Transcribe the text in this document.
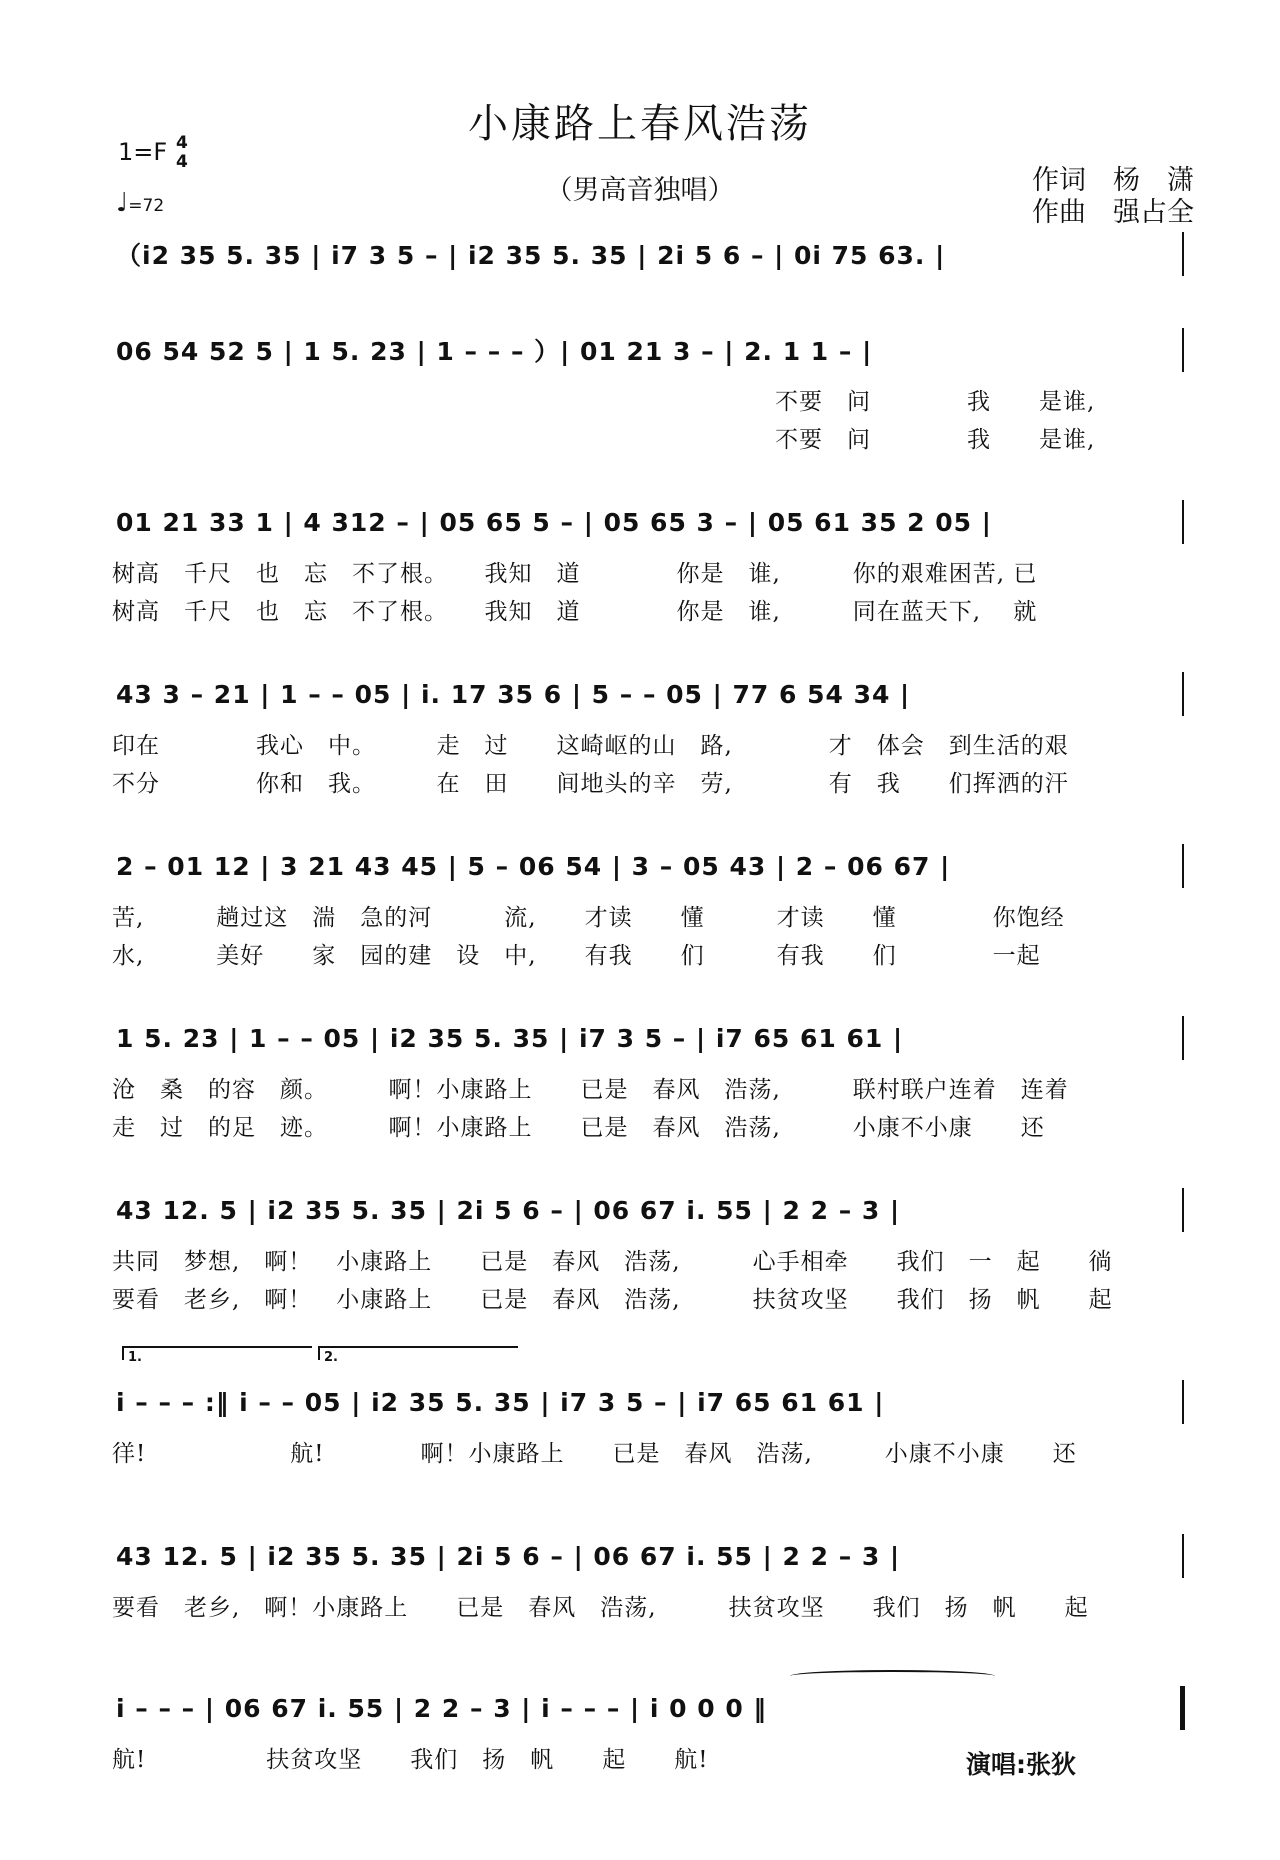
小康路上春风浩荡
（男高音独唱）
1=F 4
4
♩=72
作词　杨　潇
作曲　强占全
（i2 35 5. 35 | i7 3 5 – | i2 35 5. 35 | 2i 5 6 – | 0i 75 63. |
06 54 52 5 | 1 5. 23 | 1 – – – ）| 01 21 3 – | 2. 1 1 – |
不要　问　　　　我　　是谁,
不要　问　　　　我　　是谁,
01 21 33 1 | 4 312 – | 05 65 5 – | 05 65 3 – | 05 61 35 2 05 |
树高　千尺　也　忘　不了根。　　我知　道　　　　你是　谁,　　　你的艰难困苦, 已
树高　千尺　也　忘　不了根。　　我知　道　　　　你是　谁,　　　同在蓝天下,　 就
43 3 – 21 | 1 – – 05 | i. 17 35 6 | 5 – – 05 | 77 6 54 34 |
印在　　　　我心　中。　　　走　过　　这崎岖的山　路,　　　　才　体会　到生活的艰
不分　　　　你和　我。　　　在　田　　间地头的辛　劳,　　　　有　我　　们挥洒的汗
2 – 01 12 | 3 21 43 45 | 5 – 06 54 | 3 – 05 43 | 2 – 06 67 |
苦,　　　趟过这　湍　急的河　　　流,　　才读　　懂　　　才读　　懂　　　　你饱经
水,　　　美好　　家　园的建　设　中,　　有我　　们　　　有我　　们　　　　一起
1 5. 23 | 1 – – 05 | i2 35 5. 35 | i7 3 5 – | i7 65 61 61 |
沧　桑　的容　颜。　　　啊！小康路上　　已是　春风　浩荡,　　　联村联户连着　连着
走　过　的足　迹。　　　啊！小康路上　　已是　春风　浩荡,　　　小康不小康　　还
43 12. 5 | i2 35 5. 35 | 2i 5 6 – | 06 67 i. 55 | 2 2 – 3 |
共同　梦想,　啊！　小康路上　　已是　春风　浩荡,　　　心手相牵　　我们　一　起　　徜
要看　老乡,　啊！　小康路上　　已是　春风　浩荡,　　　扶贫攻坚　　我们　扬　帆　　起
1.	2.
i – – – :‖ i – – 05 | i2 35 5. 35 | i7 3 5 – | i7 65 61 61 |
徉!　　　　　　航!　　　　啊！小康路上　　已是　春风　浩荡,　　　小康不小康　　还
43 12. 5 | i2 35 5. 35 | 2i 5 6 – | 06 67 i. 55 | 2 2 – 3 |
要看　老乡,　啊！小康路上　　已是　春风　浩荡,　　　扶贫攻坚　　我们　扬　帆　　起
i – – – | 06 67 i. 55 | 2 2 – 3 | i – – – | i 0 0 0 ‖
航!　　　　　扶贫攻坚　　我们　扬　帆　　起　　航!	演唱:张狄
